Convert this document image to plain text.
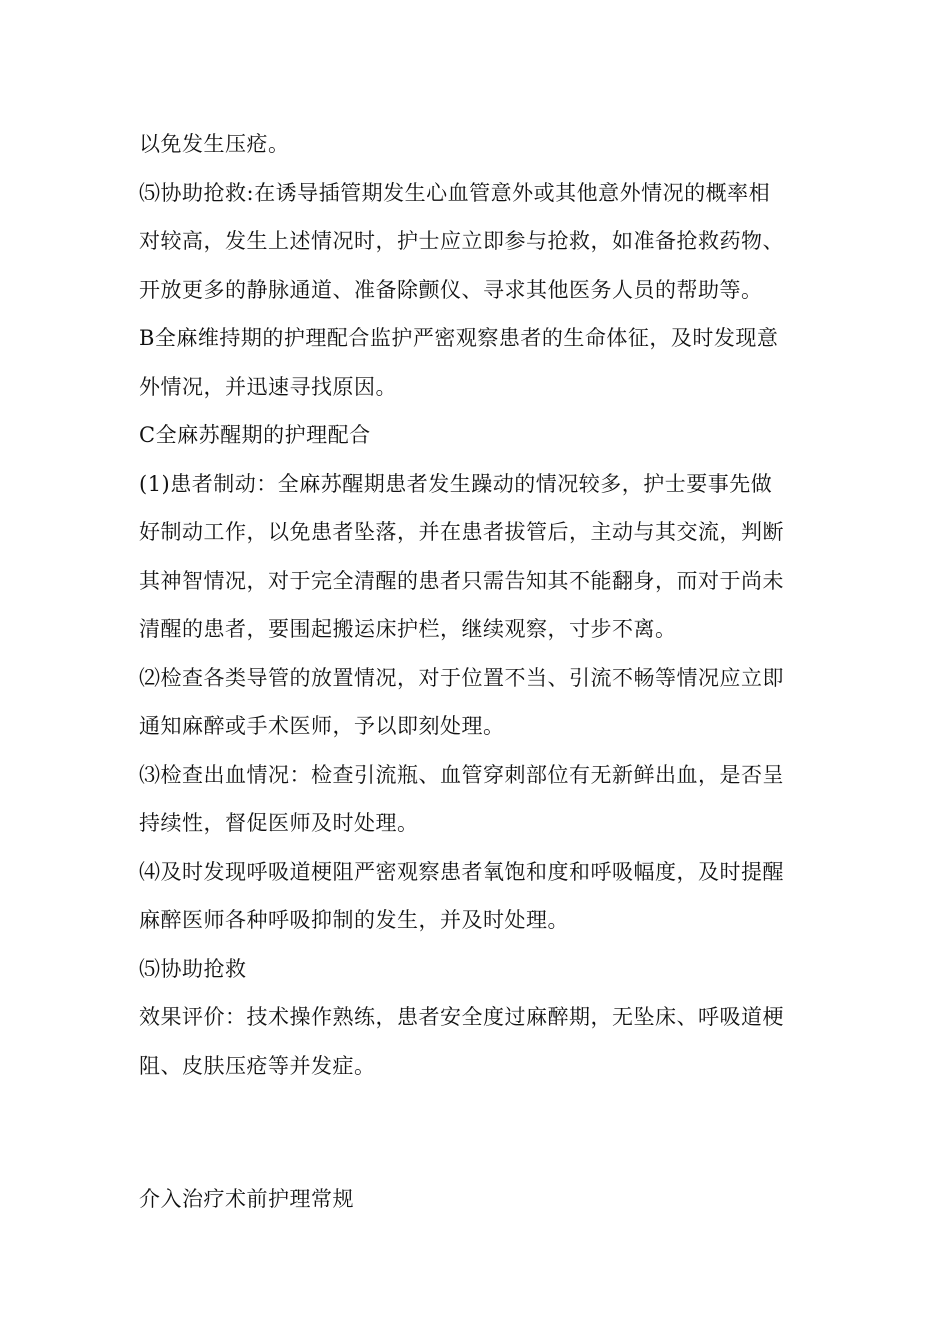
以免发生压疮。
⑸协助抢救:在诱导插管期发生心血管意外或其他意外情况的概率相
对较高，发生上述情况时，护士应立即参与抢救，如准备抢救药物、
开放更多的静脉通道、准备除颤仪、寻求其他医务人员的帮助等。
B全麻维持期的护理配合监护严密观察患者的生命体征，及时发现意
外情况，并迅速寻找原因。
C全麻苏醒期的护理配合
(1)患者制动：全麻苏醒期患者发生躁动的情况较多，护士要事先做
好制动工作，以免患者坠落，并在患者拔管后，主动与其交流，判断
其神智情况，对于完全清醒的患者只需告知其不能翻身，而对于尚未
清醒的患者，要围起搬运床护栏，继续观察，寸步不离。
⑵检查各类导管的放置情况，对于位置不当、引流不畅等情况应立即
通知麻醉或手术医师，予以即刻处理。
⑶检查出血情况：检查引流瓶、血管穿刺部位有无新鲜出血，是否呈
持续性，督促医师及时处理。
⑷及时发现呼吸道梗阻严密观察患者氧饱和度和呼吸幅度，及时提醒
麻醉医师各种呼吸抑制的发生，并及时处理。
⑸协助抢救
效果评价：技术操作熟练，患者安全度过麻醉期，无坠床、呼吸道梗
阻、皮肤压疮等并发症。
介入治疗术前护理常规
